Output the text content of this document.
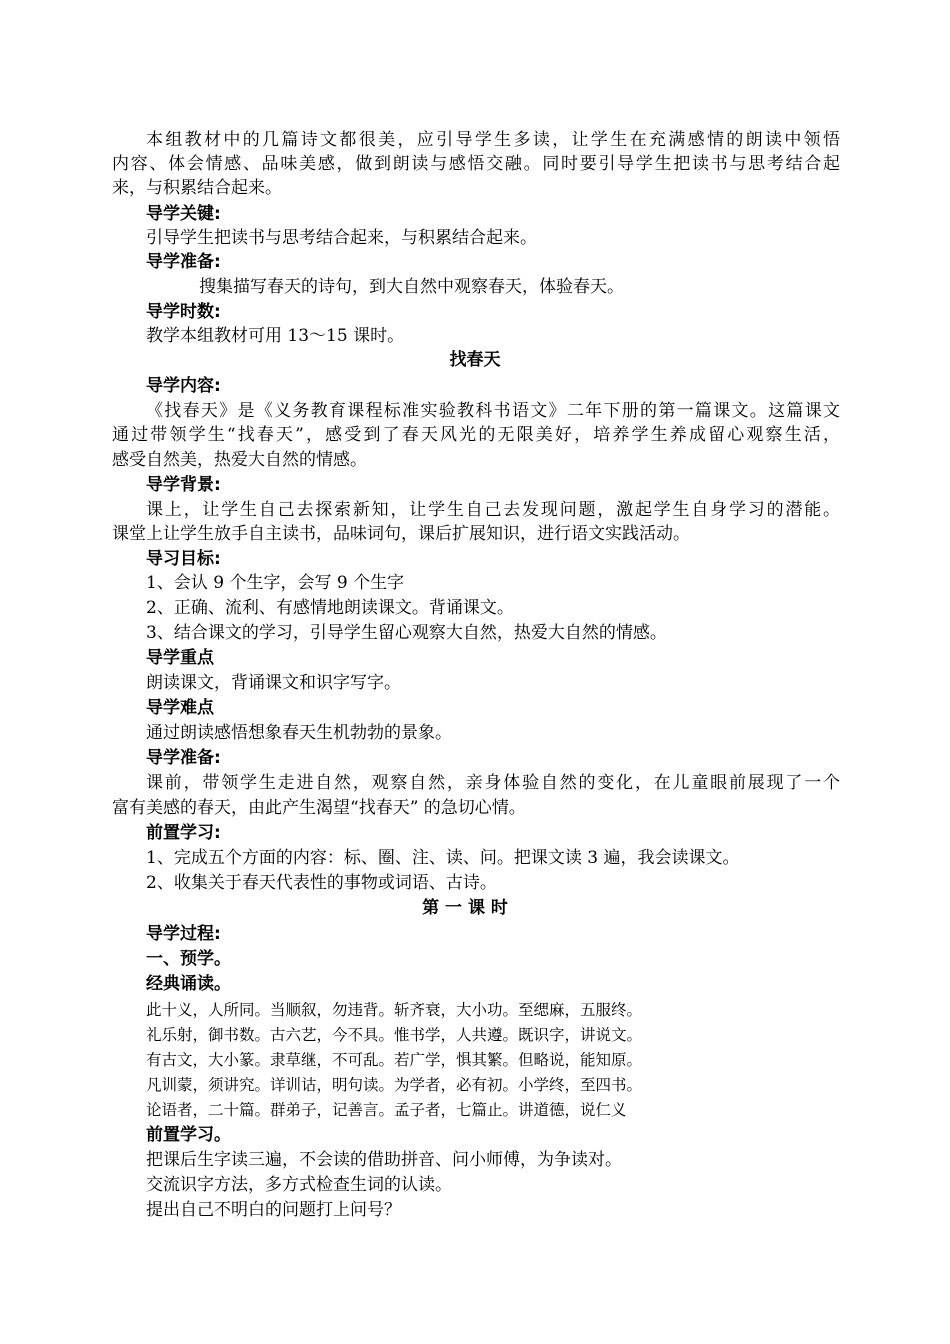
本组教材中的几篇诗文都很美，应引导学生多读，让学生在充满感情的朗读中领悟
内容、体会情感、品味美感，做到朗读与感悟交融。同时要引导学生把读书与思考结合起
来，与积累结合起来。
导学关键:
引导学生把读书与思考结合起来，与积累结合起来。
导学准备:
搜集描写春天的诗句，到大自然中观察春天，体验春天。
导学时数:
教学本组教材可用 13～15 课时。
找春天
导学内容:
《找春天》是《义务教育课程标准实验教科书语文》二年下册的第一篇课文。这篇课文
通过带领学生“找春天”，感受到了春天风光的无限美好，培养学生养成留心观察生活，
感受自然美，热爱大自然的情感。
导学背景:
课上，让学生自己去探索新知，让学生自己去发现问题，激起学生自身学习的潜能。
课堂上让学生放手自主读书，品味词句，课后扩展知识，进行语文实践活动。
导习目标:
1、会认 9 个生字，会写 9 个生字
2、正确、流利、有感情地朗读课文。背诵课文。
3、结合课文的学习，引导学生留心观察大自然，热爱大自然的情感。
导学重点
朗读课文，背诵课文和识字写字。
导学难点
通过朗读感悟想象春天生机勃勃的景象。
导学准备:
课前，带领学生走进自然，观察自然，亲身体验自然的变化，在儿童眼前展现了一个
富有美感的春天，由此产生渴望“找春天” 的急切心情。
前置学习:
1、完成五个方面的内容：标、圈、注、读、问。把课文读 3 遍，我会读课文。
2、收集关于春天代表性的事物或词语、古诗。
第 一 课 时
导学过程:
一、预学。
经典诵读。
此十义，人所同。当顺叙，勿违背。斩齐衰，大小功。至缌麻，五服终。
礼乐射，御书数。古六艺，今不具。惟书学，人共遵。既识字，讲说文。
有古文，大小篆。隶草继，不可乱。若广学，惧其繁。但略说，能知原。
凡训蒙，须讲究。详训诂，明句读。为学者，必有初。小学终，至四书。
论语者，二十篇。群弟子，记善言。孟子者，七篇止。讲道德，说仁义
前置学习。
把课后生字读三遍，不会读的借助拼音、问小师傅，为争读对。
交流识字方法，多方式检查生词的认读。
提出自己不明白的问题打上问号？
